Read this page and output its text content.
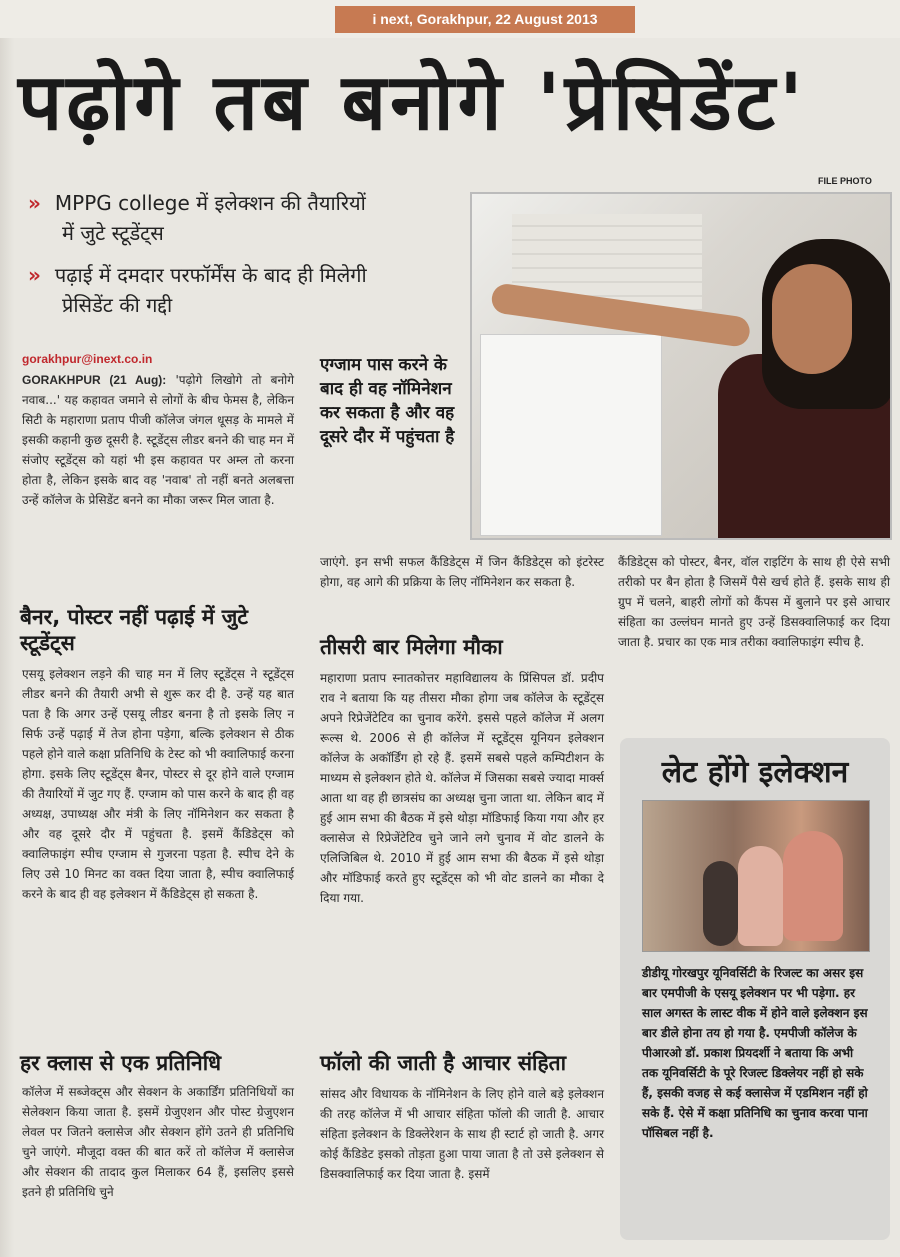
i next, Gorakhpur, 22 August 2013
पढ़ोगे तब बनोगे 'प्रेसिडेंट'
» MPPG college में इलेक्शन की तैयारियों
में जुटे स्टूडेंट्स
» पढ़ाई में दमदार परफॉर्मेंस के बाद ही मिलेगी
प्रेसिडेंट की गद्दी
FILE PHOTO
gorakhpur@inext.co.in
GORAKHPUR (21 Aug): 'पढ़ोगे लिखोगे तो बनोगे नवाब...' यह कहावत जमाने से लोगों के बीच फेमस है, लेकिन सिटी के महाराणा प्रताप पीजी कॉलेज जंगल धूसड़ के मामले में इसकी कहानी कुछ दूसरी है. स्टूडेंट्स लीडर बनने की चाह मन में संजोए स्टूडेंट्स को यहां भी इस कहावत पर अम्ल तो करना होता है, लेकिन इसके बाद वह 'नवाब' तो नहीं बनते अलबत्ता उन्हें कॉलेज के प्रेसिडेंट बनने का मौका जरूर मिल जाता है.
एग्जाम पास करने के बाद ही वह नॉमिनेशन कर सकता है और वह दूसरे दौर में पहुंचता है
बैनर, पोस्टर नहीं पढ़ाई में जुटे स्टूडेंट्स
एसयू इलेक्शन लड़ने की चाह मन में लिए स्टूडेंट्स ने स्टूडेंट्स लीडर बनने की तैयारी अभी से शुरू कर दी है. उन्हें यह बात पता है कि अगर उन्हें एसयू लीडर बनना है तो इसके लिए न सिर्फ उन्हें पढ़ाई में तेज होना पड़ेगा, बल्कि इलेक्शन से ठीक पहले होने वाले कक्षा प्रतिनिधि के टेस्ट को भी क्वालिफाई करना होगा. इसके लिए स्टूडेंट्स बैनर, पोस्टर से दूर होने वाले एग्जाम की तैयारियों में जुट गए हैं. एग्जाम को पास करने के बाद ही वह अध्यक्ष, उपाध्यक्ष और मंत्री के लिए नॉमिनेशन कर सकता है और वह दूसरे दौर में पहुंचता है. इसमें कैंडिडेट्स को क्वालिफाइंग स्पीच एग्जाम से गुजरना पड़ता है. स्पीच देने के लिए उसे 10 मिनट का वक्त दिया जाता है, स्पीच क्वालिफाई करने के बाद ही वह इलेक्शन में कैंडिडेट्स हो सकता है.
हर क्लास से एक प्रतिनिधि
कॉलेज में सब्जेक्ट्स और सेक्शन के अकार्डिंग प्रतिनिधियों का सेलेक्शन किया जाता है. इसमें ग्रेजुएशन और पोस्ट ग्रेजुएशन लेवल पर जितने क्लासेज और सेक्शन होंगे उतने ही प्रतिनिधि चुने जाएंगे. मौजूदा वक्त की बात करें तो कॉलेज में क्लासेज और सेक्शन की तादाद कुल मिलाकर 64 हैं, इसलिए इससे इतने ही प्रतिनिधि चुने
जाएंगे. इन सभी सफल कैंडिडेट्स में जिन कैंडिडेट्स को इंटरेस्ट होगा, वह आगे की प्रक्रिया के लिए नॉमिनेशन कर सकता है.
तीसरी बार मिलेगा मौका
महाराणा प्रताप स्नातकोत्तर महाविद्यालय के प्रिंसिपल डॉ. प्रदीप राव ने बताया कि यह तीसरा मौका होगा जब कॉलेज के स्टूडेंट्स अपने रिप्रेजेंटेटिव का चुनाव करेंगे. इससे पहले कॉलेज में अलग रूल्स थे. 2006 से ही कॉलेज में स्टूडेंट्स यूनियन इलेक्शन कॉलेज के अकॉर्डिंग हो रहे हैं. इसमें सबसे पहले कम्पिटीशन के माध्यम से इलेक्शन होते थे. कॉलेज में जिसका सबसे ज्यादा मार्क्स आता था वह ही छात्रसंघ का अध्यक्ष चुना जाता था. लेकिन बाद में हुई आम सभा की बैठक में इसे थोड़ा मॉडिफाई किया गया और हर क्लासेज से रिप्रेजेंटेटिव चुने जाने लगे चुनाव में वोट डालने के एलिजिबिल थे. 2010 में हुई आम सभा की बैठक में इसे थोड़ा और मॉडिफाई करते हुए स्टूडेंट्स को भी वोट डालने का मौका दे दिया गया.
फॉलो की जाती है आचार संहिता
सांसद और विधायक के नॉमिनेशन के लिए होने वाले बड़े इलेक्शन की तरह कॉलेज में भी आचार संहिता फॉलो की जाती है. आचार संहिता इलेक्शन के डिक्लेरेशन के साथ ही स्टार्ट हो जाती है. अगर कोई कैंडिडेट इसको तोड़ता हुआ पाया जाता है तो उसे इलेक्शन से डिसक्वालिफाई कर दिया जाता है. इसमें
कैंडिडेट्स को पोस्टर, बैनर, वॉल राइटिंग के साथ ही ऐसे सभी तरीको पर बैन होता है जिसमें पैसे खर्च होते हैं. इसके साथ ही ग्रुप में चलने, बाहरी लोगों को कैंपस में बुलाने पर इसे आचार संहिता का उल्लंघन मानते हुए उन्हें डिसक्वालिफाई कर दिया जाता है. प्रचार का एक मात्र तरीका क्वालिफाइंग स्पीच है.
लेट होंगे इलेक्शन
डीडीयू गोरखपुर यूनिवर्सिटी के रिजल्ट का असर इस बार एमपीजी के एसयू इलेक्शन पर भी पड़ेगा. हर साल अगस्त के लास्ट वीक में होने वाले इलेक्शन इस बार डीले होना तय हो गया है. एमपीजी कॉलेज के पीआरओ डॉ. प्रकाश प्रियदर्शी ने बताया कि अभी तक यूनिवर्सिटी के पूरे रिजल्ट डिक्लेयर नहीं हो सके हैं, इसकी वजह से कई क्लासेज में एडमिशन नहीं हो सके हैं. ऐसे में कक्षा प्रतिनिधि का चुनाव करवा पाना पॉसिबल नहीं है.
